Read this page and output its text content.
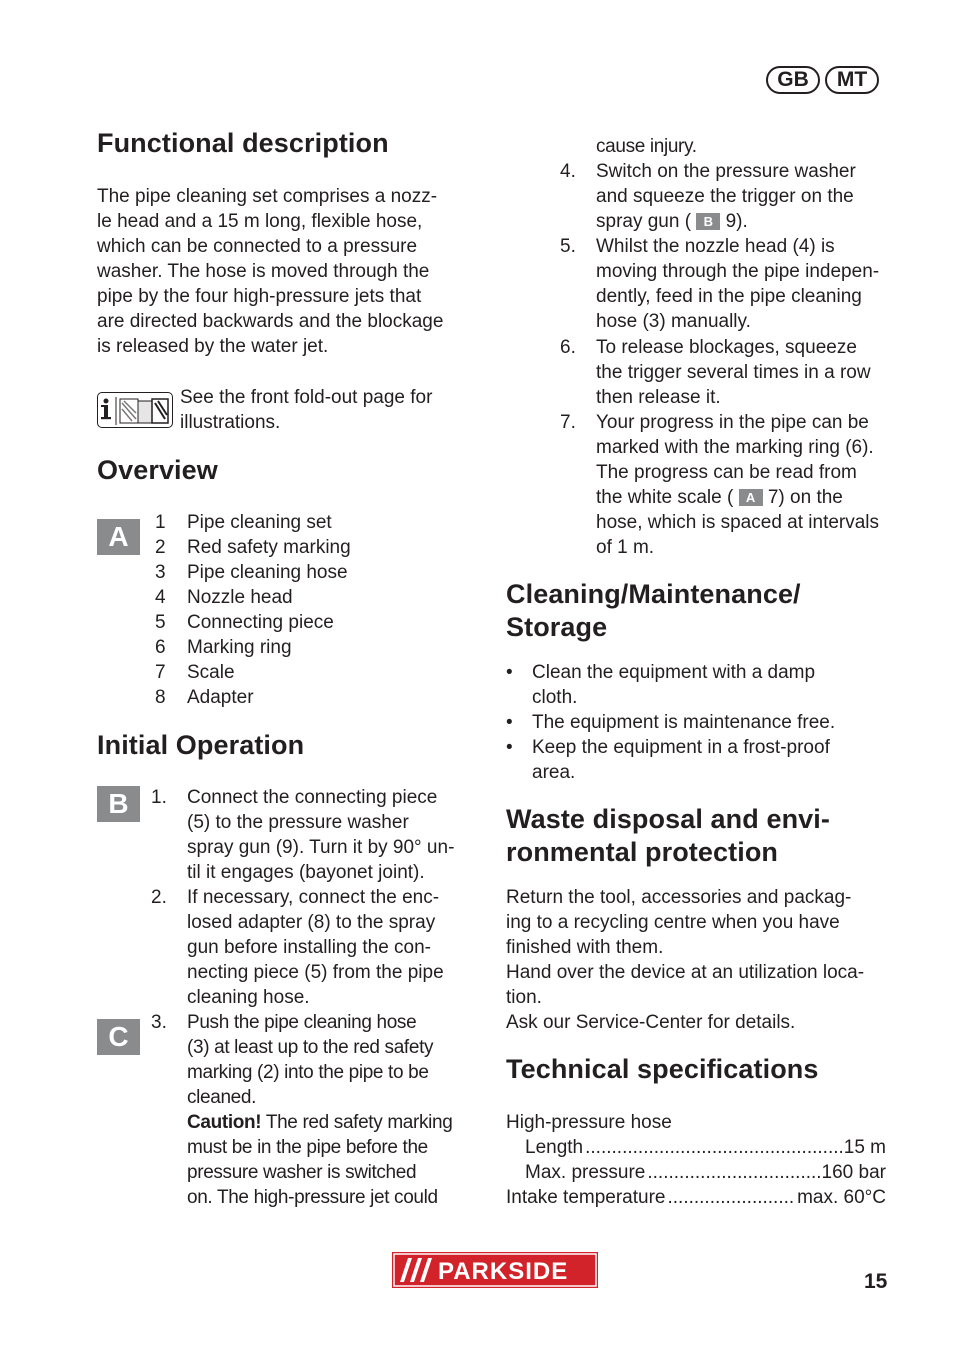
GB	MT
Functional description
The pipe cleaning set comprises a nozz-
le head and a 15 m long, flexible hose,
which can be connected to a pressure
washer. The hose is moved through the
pipe by the four high-pressure jets that
are directed backwards and the blockage
is released by the water jet.
See the front fold-out page for
illustrations.
Overview
A	1 Pipe cleaning set
2 Red safety marking
3 Pipe cleaning hose
4 Nozzle head
5 Connecting piece
6 Marking ring
7 Scale
8 Adapter
Initial Operation
B
C
1. Connect the connecting piece
(5) to the pressure washer
spray gun (9). Turn it by 90° un-
til it engages (bayonet joint).
2. If necessary, connect the enc-
losed adapter (8) to the spray
gun before installing the con-
necting piece (5) from the pipe
cleaning hose.
3. Push the pipe cleaning hose
(3) at least up to the red safety
marking (2) into the pipe to be
cleaned.
Caution! The red safety marking
must be in the pipe before the
pressure washer is switched
on. The high-pressure jet could
cause injury.
4. Switch on the pressure washer
and squeeze the trigger on the
spray gun ( B 9).
5. Whilst the nozzle head (4) is
moving through the pipe indepen-
dently, feed in the pipe cleaning
hose (3) manually.
6. To release blockages, squeeze
the trigger several times in a row
then release it.
7. Your progress in the pipe can be
marked with the marking ring (6).
The progress can be read from
the white scale ( A 7) on the
hose, which is spaced at intervals
of 1 m.
Cleaning/Maintenance/
Storage
• Clean the equipment with a damp
cloth.
• The equipment is maintenance free.
• Keep the equipment in a frost-proof
area.
Waste disposal and envi-
ronmental protection
Return the tool, accessories and packag-
ing to a recycling centre when you have
finished with them.
Hand over the device at an utilization loca-
tion.
Ask our Service-Center for details.
Technical specifications
High-pressure hose
Length .....	15 m
Max. pressure .....	160 bar
Intake temperature .....	max. 60°C
PARKSIDE	15
